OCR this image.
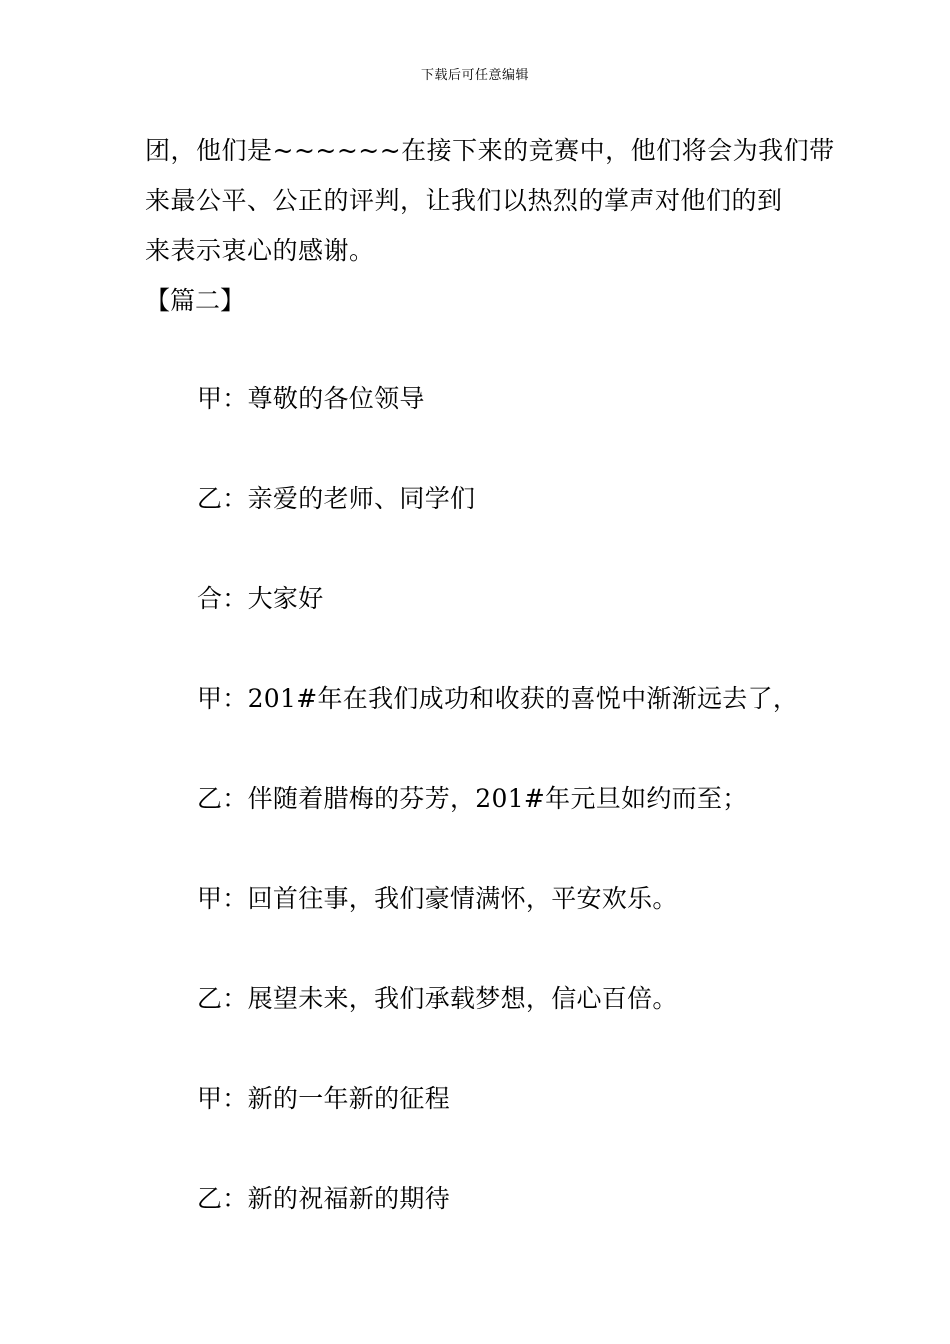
下载后可任意编辑
团，他们是~~~~~~在接下来的竞赛中，他们将会为我们带
来最公平、公正的评判，让我们以热烈的掌声对他们的到
来表示衷心的感谢。
【篇二】
甲：尊敬的各位领导
乙：亲爱的老师、同学们
合：大家好
甲：201#年在我们成功和收获的喜悦中渐渐远去了，
乙：伴随着腊梅的芬芳，201#年元旦如约而至；
甲：回首往事，我们豪情满怀，平安欢乐。
乙：展望未来，我们承载梦想，信心百倍。
甲：新的一年新的征程
乙：新的祝福新的期待
